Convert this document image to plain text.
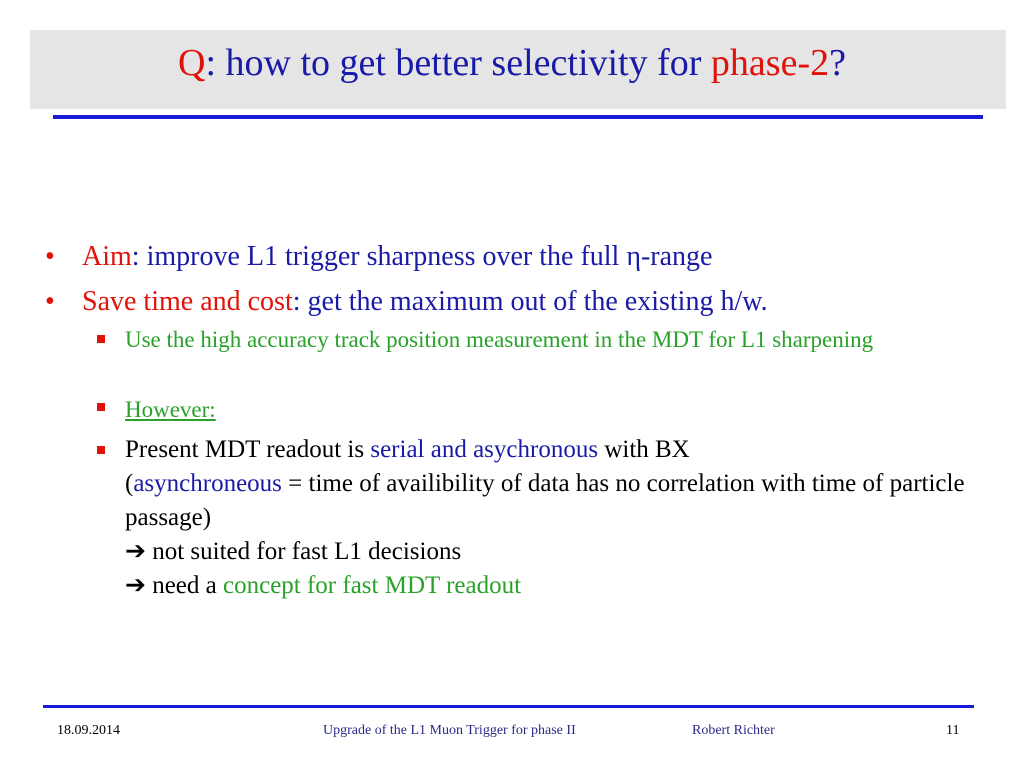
Q: how to get better selectivity for phase-2?
• Aim: improve L1 trigger sharpness over the full η-range
• Save time and cost: get the maximum out of the existing h/w.
Use the high accuracy track position measurement in the MDT for L1 sharpening
However:
Present MDT readout is serial and asychronous with BX
(asynchroneous = time of availibility of data has no correlation with time of particle passage)
➔ not suited for fast L1 decisions
➔ need a concept for fast MDT readout
18.09.2014	Upgrade of the L1 Muon Trigger for phase II	Robert Richter	11
